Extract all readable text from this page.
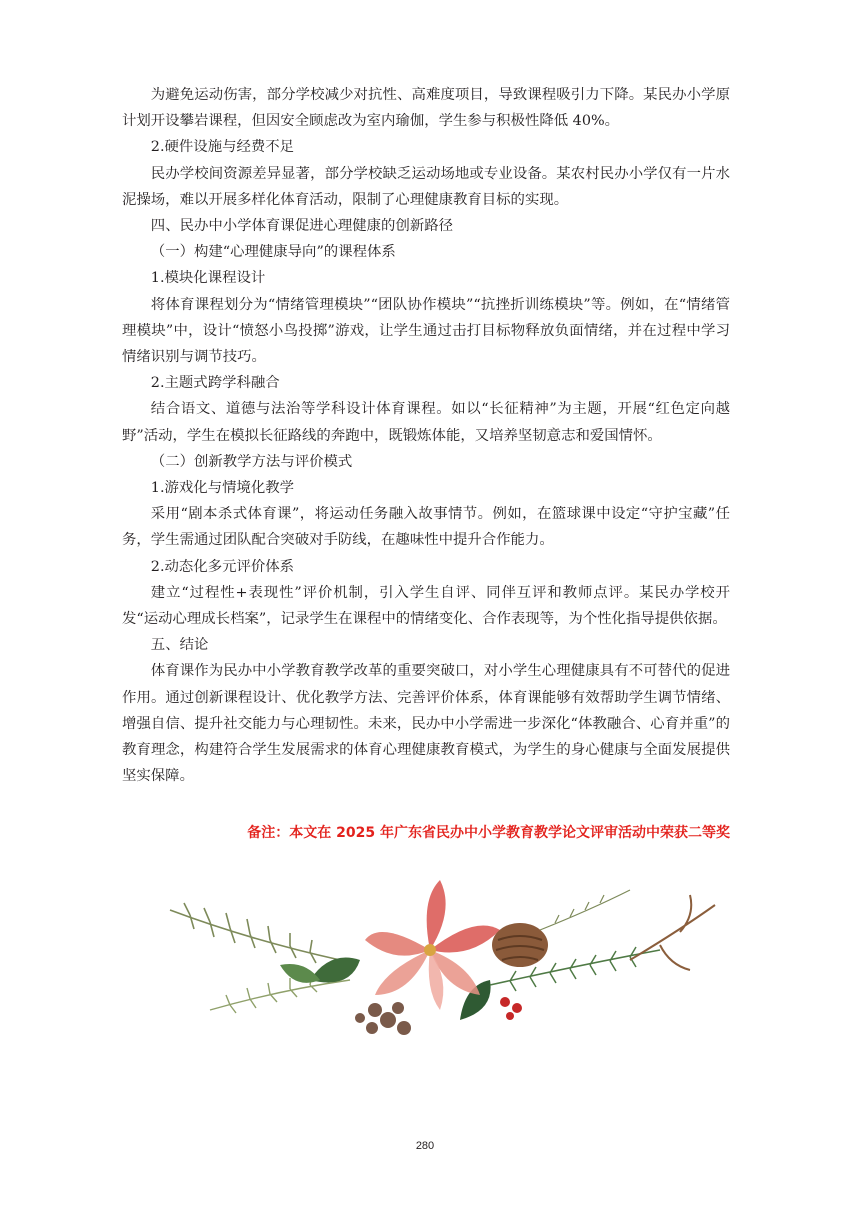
为避免运动伤害，部分学校减少对抗性、高难度项目，导致课程吸引力下降。某民办小学原计划开设攀岩课程，但因安全顾虑改为室内瑜伽，学生参与积极性降低 40%。

2.硬件设施与经费不足

民办学校间资源差异显著，部分学校缺乏运动场地或专业设备。某农村民办小学仅有一片水泥操场，难以开展多样化体育活动，限制了心理健康教育目标的实现。

四、民办中小学体育课促进心理健康的创新路径

（一）构建“心理健康导向”的课程体系

1.模块化课程设计

将体育课程划分为“情绪管理模块”“团队协作模块”“抗挫折训练模块”等。例如，在“情绪管理模块”中，设计“愤怒小鸟投掷”游戏，让学生通过击打目标物释放负面情绪，并在过程中学习情绪识别与调节技巧。

2.主题式跨学科融合

结合语文、道德与法治等学科设计体育课程。如以“长征精神”为主题，开展“红色定向越野”活动，学生在模拟长征路线的奔跑中，既锻炼体能，又培养坚韧意志和爱国情怀。

（二）创新教学方法与评价模式

1.游戏化与情境化教学

采用“剧本杀式体育课”，将运动任务融入故事情节。例如，在篮球课中设定“守护宝藏”任务，学生需通过团队配合突破对手防线，在趣味性中提升合作能力。

2.动态化多元评价体系

建立“过程性+表现性”评价机制，引入学生自评、同伴互评和教师点评。某民办学校开发“运动心理成长档案”，记录学生在课程中的情绪变化、合作表现等，为个性化指导提供依据。

五、结论

体育课作为民办中小学教育教学改革的重要突破口，对小学生心理健康具有不可替代的促进作用。通过创新课程设计、优化教学方法、完善评价体系，体育课能够有效帮助学生调节情绪、增强自信、提升社交能力与心理韧性。未来，民办中小学需进一步深化“体教融合、心育并重”的教育理念，构建符合学生发展需求的体育心理健康教育模式，为学生的身心健康与全面发展提供坚实保障。

备注：本文在 2025 年广东省民办中小学教育教学论文评审活动中荣获二等奖

280
